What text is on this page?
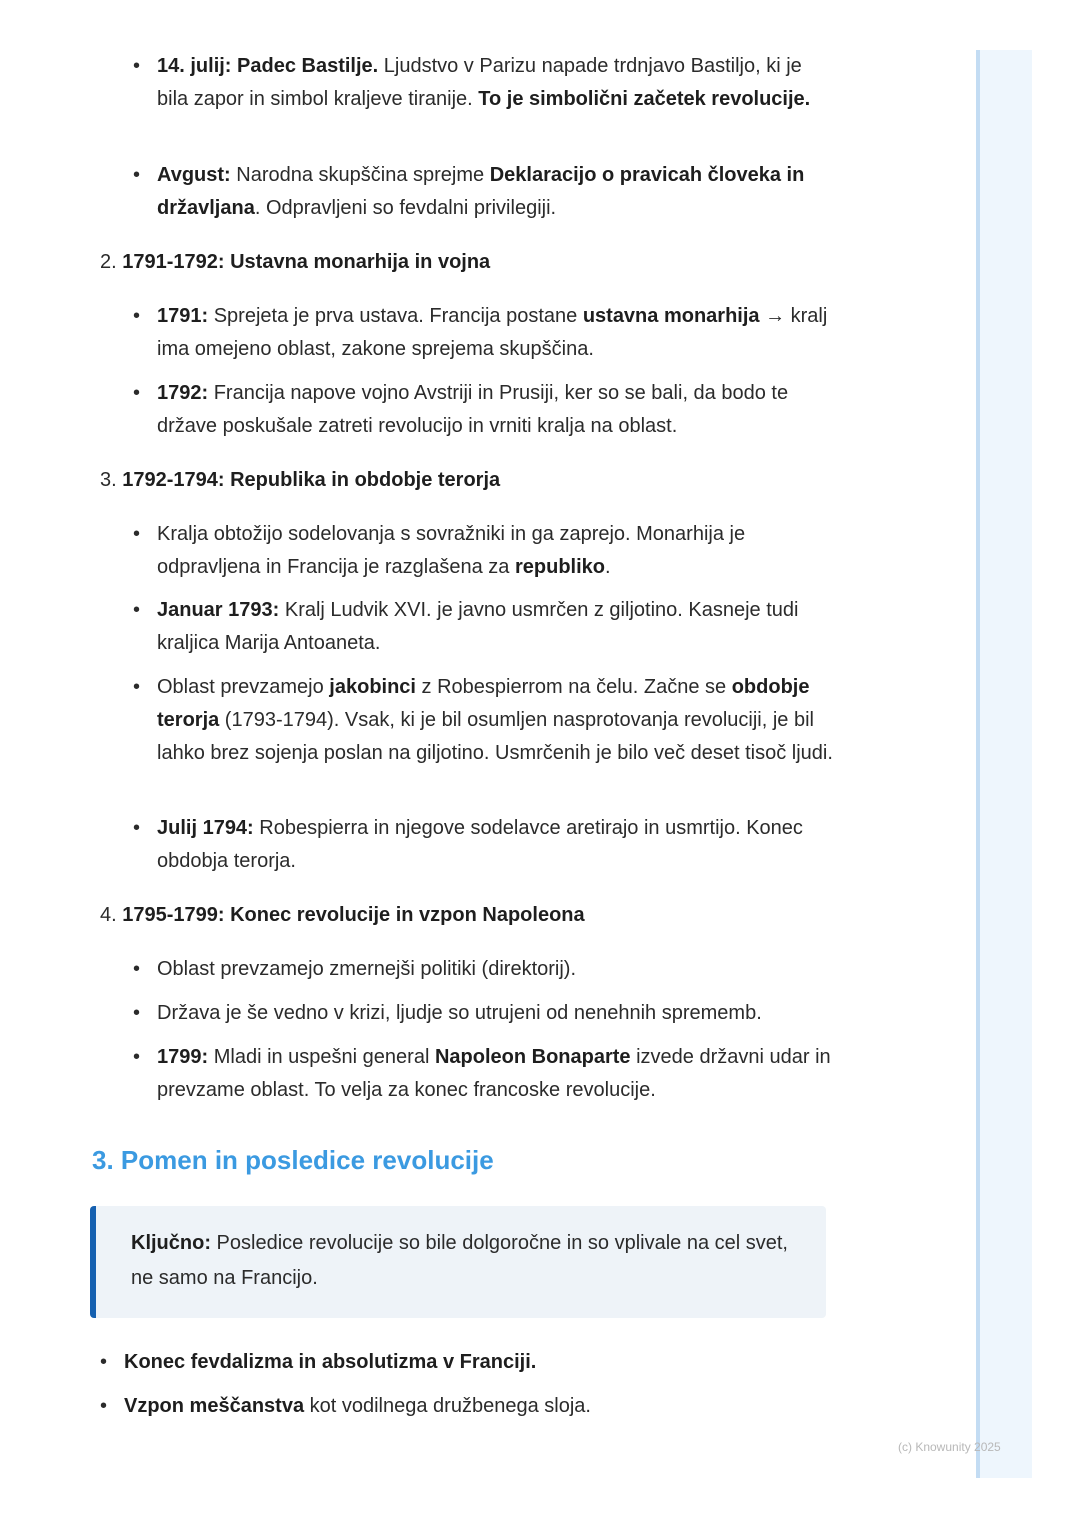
• 14. julij: Padec Bastilje. Ljudstvo v Parizu napade trdnjavo Bastiljo, ki je bila zapor in simbol kraljeve tiranije. To je simbolični začetek revolucije.
• Avgust: Narodna skupščina sprejme Deklaracijo o pravicah človeka in državljana. Odpravljeni so fevdalni privilegiji.
2. 1791-1792: Ustavna monarhija in vojna
• 1791: Sprejeta je prva ustava. Francija postane ustavna monarhija → kralj ima omejeno oblast, zakone sprejema skupščina.
• 1792: Francija napove vojno Avstriji in Prusiji, ker so se bali, da bodo te države poskušale zatreti revolucijo in vrniti kralja na oblast.
3. 1792-1794: Republika in obdobje terorja
• Kralja obtožijo sodelovanja s sovražniki in ga zaprejo. Monarhija je odpravljena in Francija je razglašena za republiko.
• Januar 1793: Kralj Ludvik XVI. je javno usmrčen z giljotino. Kasneje tudi kraljica Marija Antoaneta.
• Oblast prevzamejo jakobinci z Robespierrom na čelu. Začne se obdobje terorja (1793-1794). Vsak, ki je bil osumljen nasprotovanja revoluciji, je bil lahko brez sojenja poslan na giljotino. Usmrčenih je bilo več deset tisoč ljudi.
• Julij 1794: Robespierra in njegove sodelavce aretirajo in usmrtijo. Konec obdobja terorja.
4. 1795-1799: Konec revolucije in vzpon Napoleona
• Oblast prevzamejo zmernejši politiki (direktorij).
• Država je še vedno v krizi, ljudje so utrujeni od nenehnih sprememb.
• 1799: Mladi in uspešni general Napoleon Bonaparte izvede državni udar in prevzame oblast. To velja za konec francoske revolucije.
3. Pomen in posledice revolucije
Ključno: Posledice revolucije so bile dolgoročne in so vplivale na cel svet, ne samo na Francijo.
• Konec fevdalizma in absolutizma v Franciji.
• Vzpon meščanstva kot vodilnega družbenega sloja.
(c) Knowunity 2025
